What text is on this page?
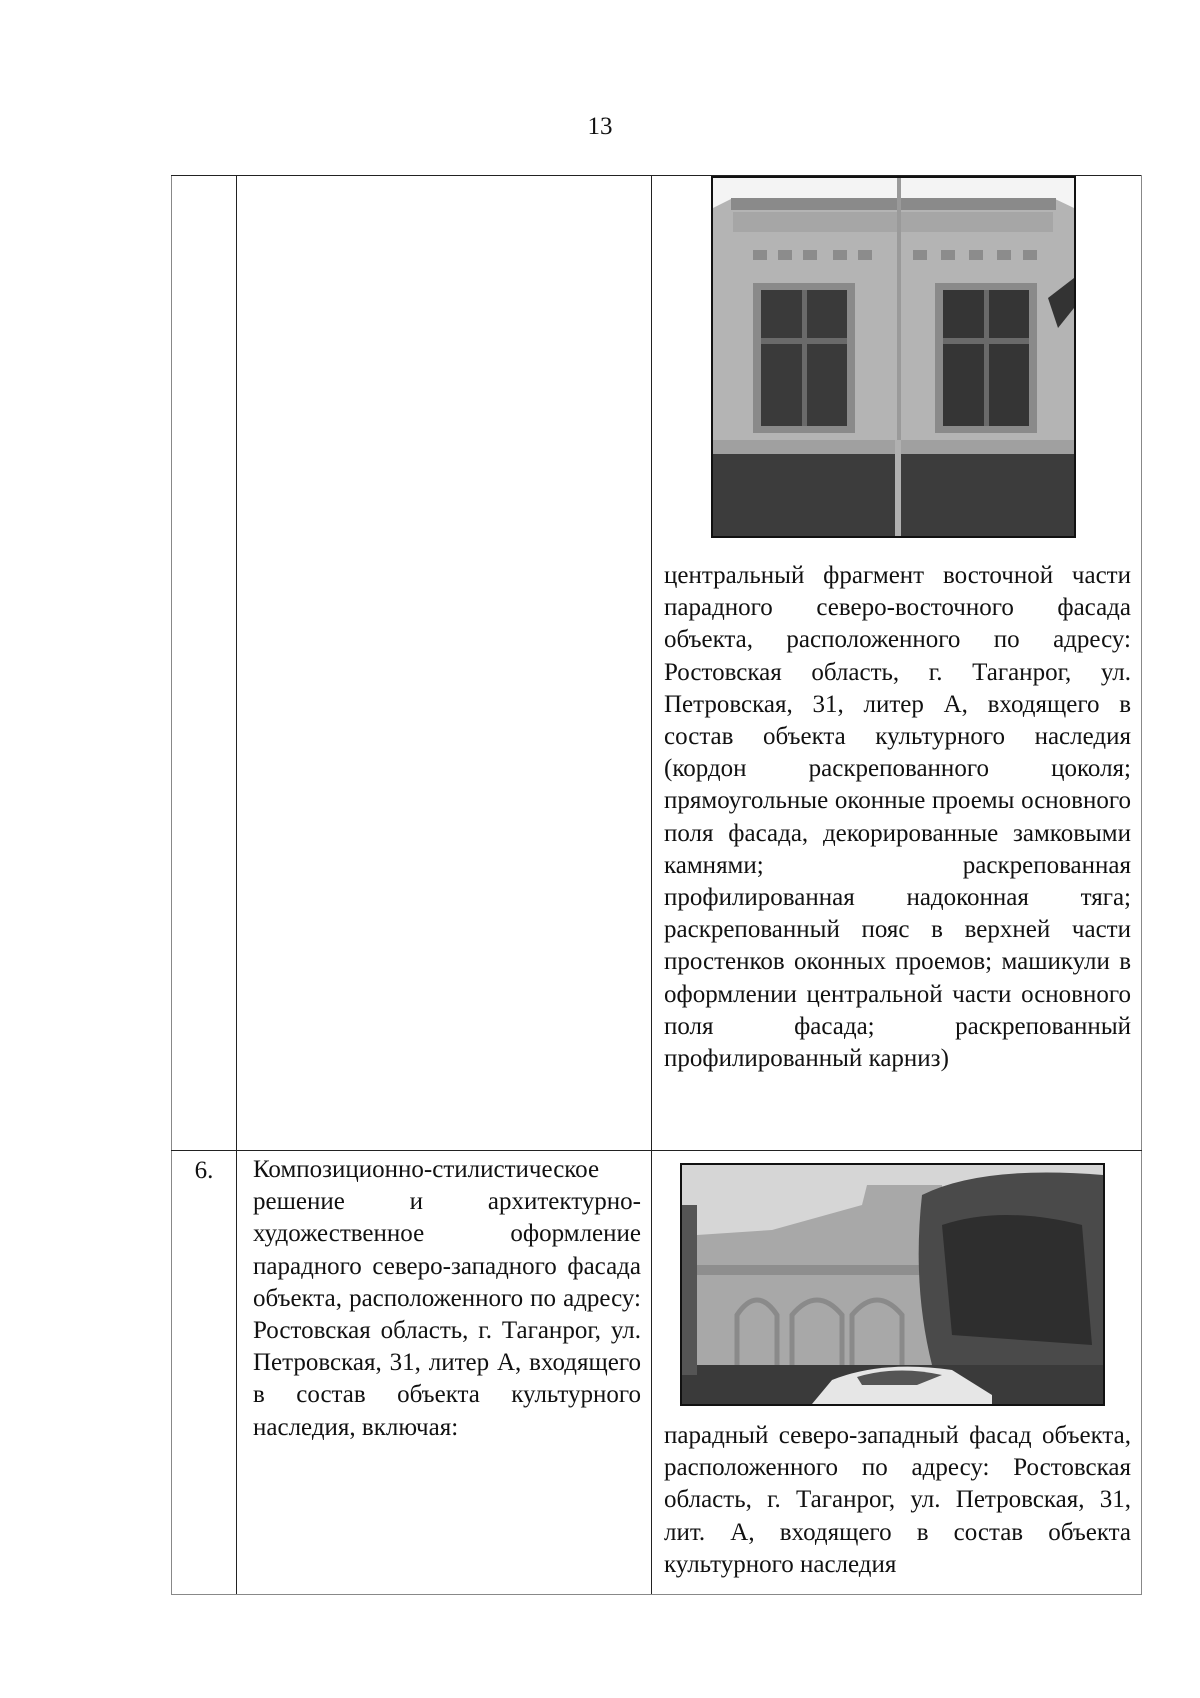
13

		центральный фрагмент восточной части парадного северо-восточного фасада объекта, расположенного по адресу: Ростовская область, г. Таганрог, ул. Петровская, 31, литер А, входящего в состав объекта культурного наследия (кордон раскрепованного цоколя; прямоугольные оконные проемы основного поля фасада, декорированные замковыми камнями; раскрепованная профилированная надоконная тяга; раскрепованный пояс в верхней части простенков оконных проемов; машикули в оформлении центральной части основного поля фасада; раскрепованный профилированный карниз)

6.	Композиционно-стилистическое решение и архитектурно-художественное оформление парадного северо-западного фасада объекта, расположенного по адресу: Ростовская область, г. Таганрог, ул. Петровская, 31, литер А, входящего в состав объекта культурного наследия, включая:	парадный северо-западный фасад объекта, расположенного по адресу: Ростовская область, г. Таганрог, ул. Петровская, 31, лит. А, входящего в состав объекта культурного наследия
